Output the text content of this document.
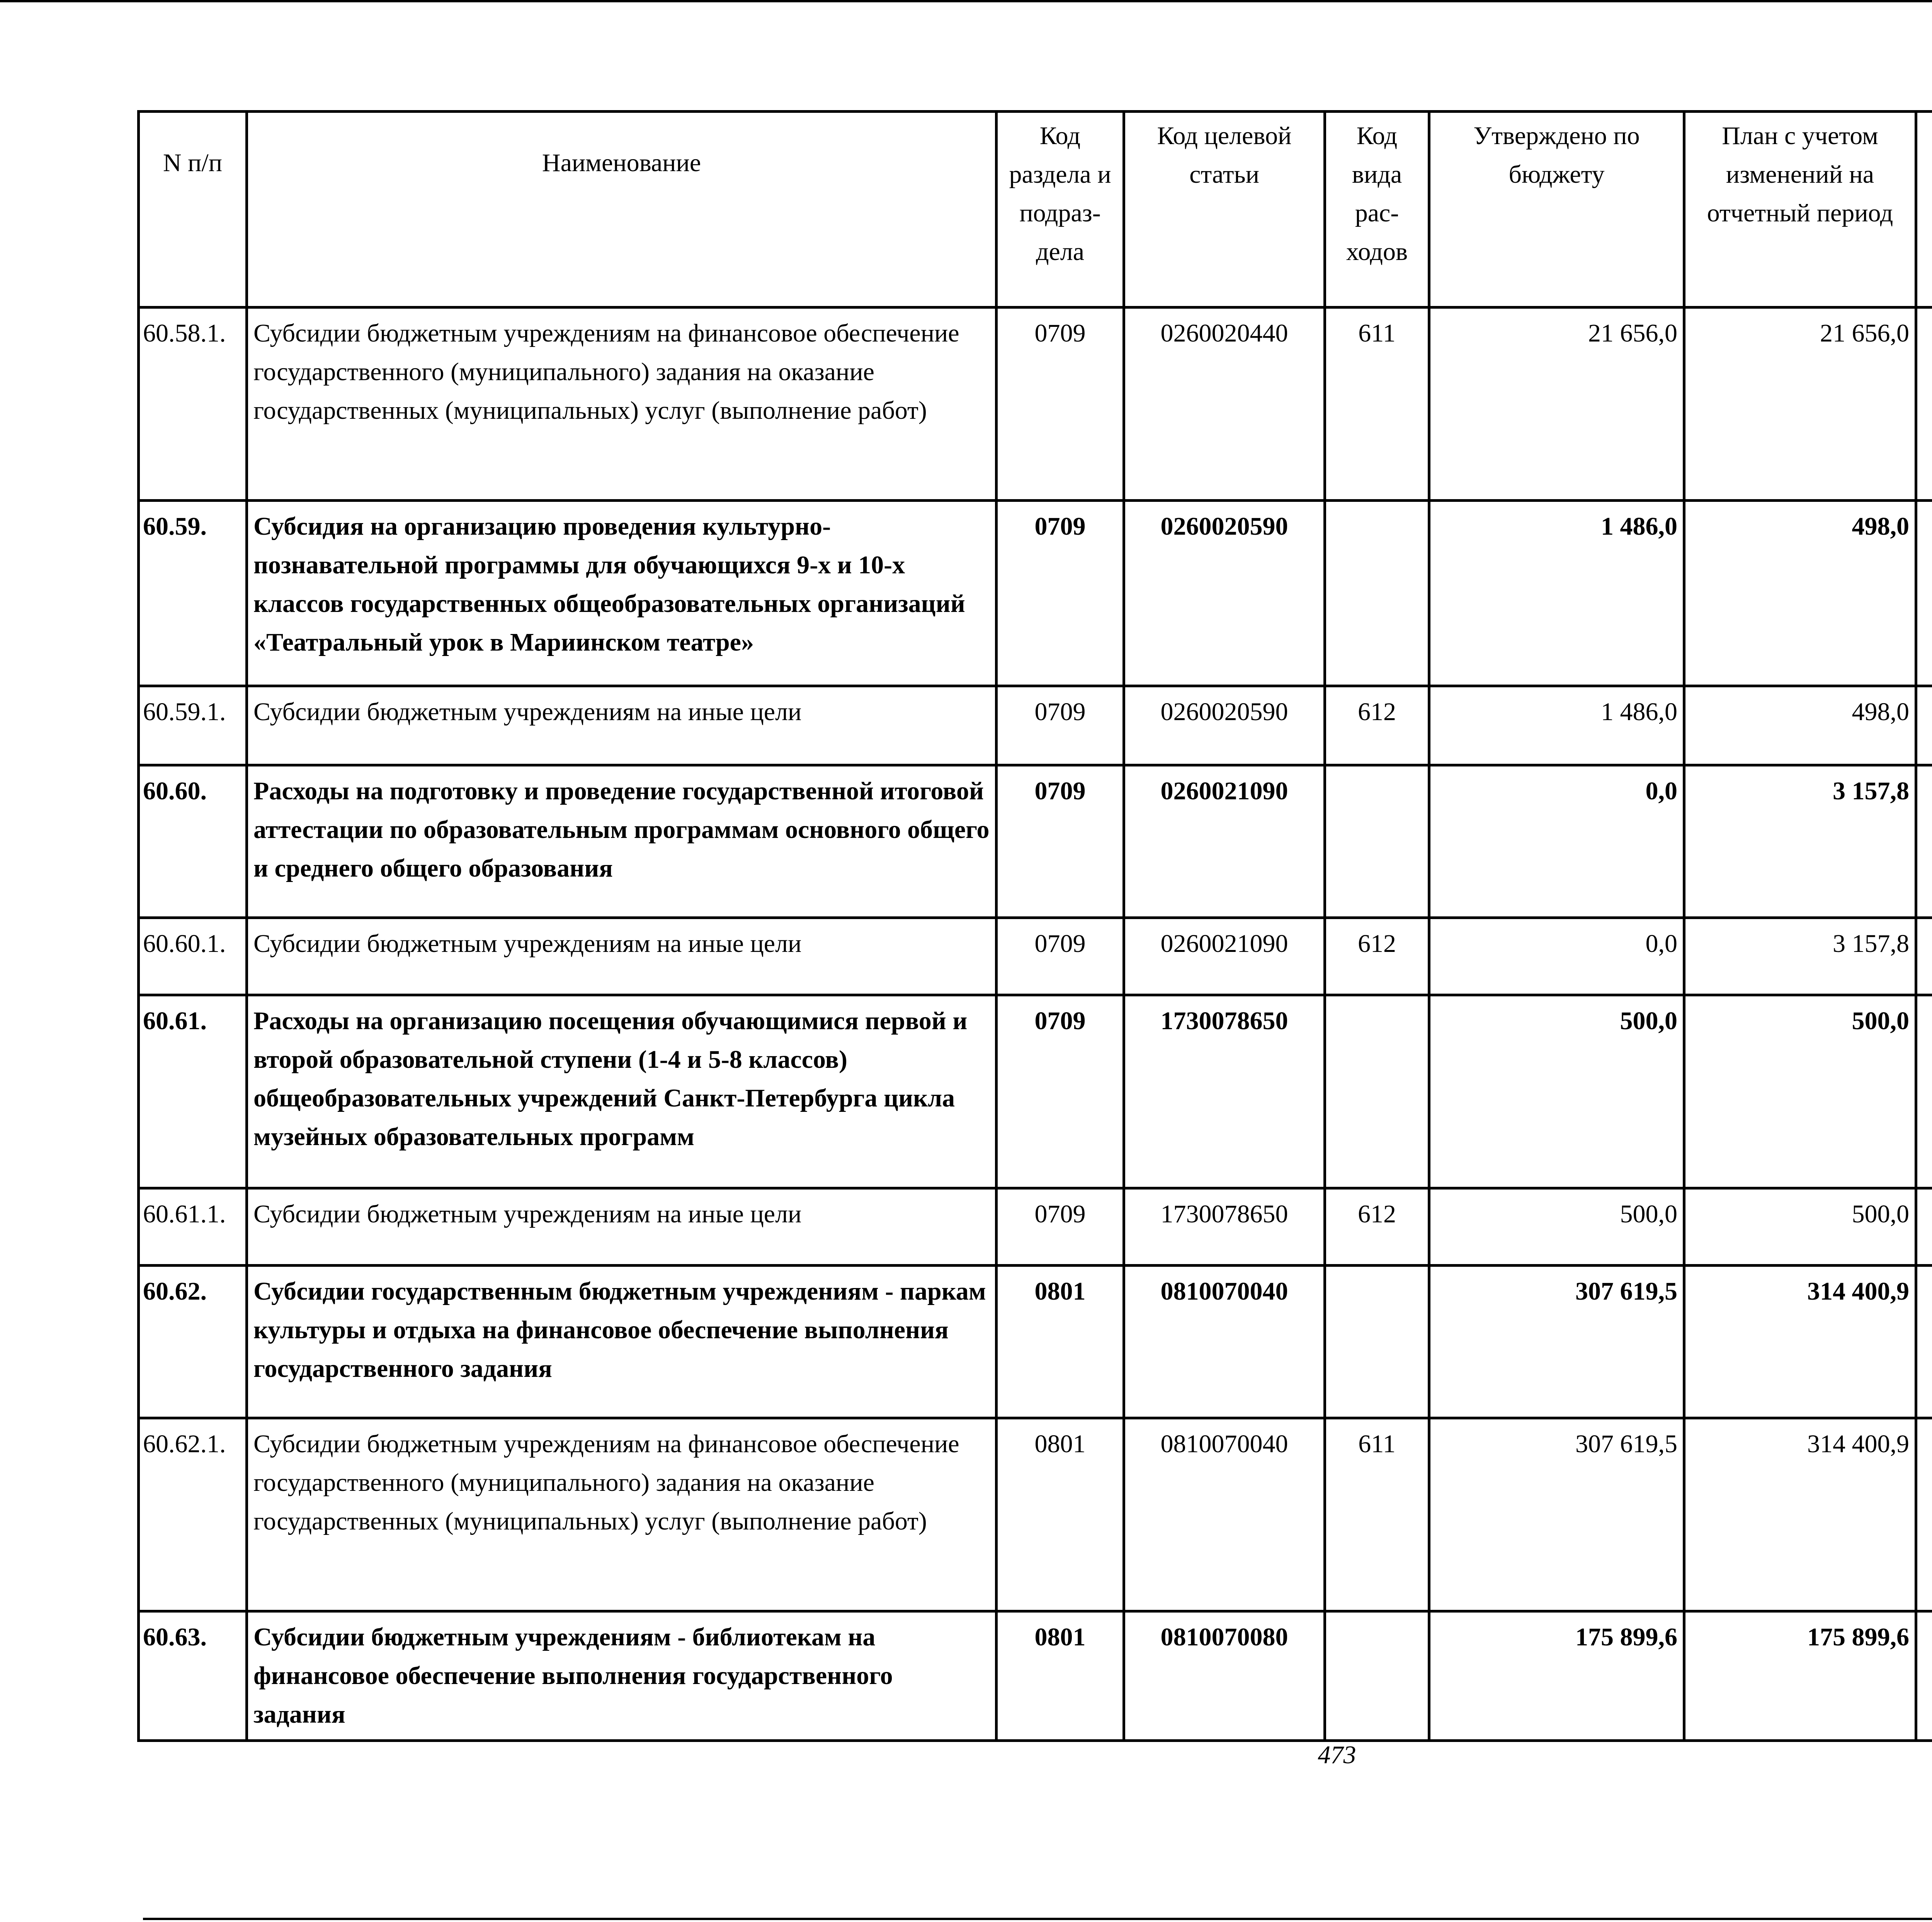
N п/п	Наименование	Код раздела и подраз-дела	Код целевой статьи	Код вида рас-ходов	Утверждено по бюджету	План с учетом изменений на отчетный период		

60.58.1.	Субсидии бюджетным учреждениям на финансовое обеспечение государственного (муниципального) задания на оказание государственных (муниципальных) услуг (выполнение работ)	0709	0260020440	611	21 656,0	21 656,0			
60.59.	Субсидия на организацию проведения культурно-познавательной программы для обучающихся 9-х и 10-х классов государственных общеобразовательных организаций «Театральный урок в Мариинском театре»	0709	0260020590		1 486,0	498,0			
60.59.1.	Субсидии бюджетным учреждениям на иные цели	0709	0260020590	612	1 486,0	498,0			
60.60.	Расходы на подготовку и проведение государственной итоговой аттестации по образовательным программам основного общего и среднего общего образования	0709	0260021090		0,0	3 157,8			
60.60.1.	Субсидии бюджетным учреждениям на иные цели	0709	0260021090	612	0,0	3 157,8			
60.61.	Расходы на организацию посещения обучающимися первой и второй образовательной ступени (1-4 и 5-8 классов) общеобразовательных учреждений Санкт-Петербурга цикла музейных образовательных программ	0709	1730078650		500,0	500,0			
60.61.1.	Субсидии бюджетным учреждениям на иные цели	0709	1730078650	612	500,0	500,0			
60.62.	Субсидии государственным бюджетным учреждениям - паркам культуры и отдыха на финансовое обеспечение выполнения государственного задания	0801	0810070040		307 619,5	314 400,9			
60.62.1.	Субсидии бюджетным учреждениям на финансовое обеспечение государственного (муниципального) задания на оказание государственных (муниципальных) услуг (выполнение работ)	0801	0810070040	611	307 619,5	314 400,9			
60.63.	Субсидии бюджетным учреждениям - библиотекам на финансовое обеспечение выполнения государственного задания	0801	0810070080		175 899,6	175 899,6			
473
